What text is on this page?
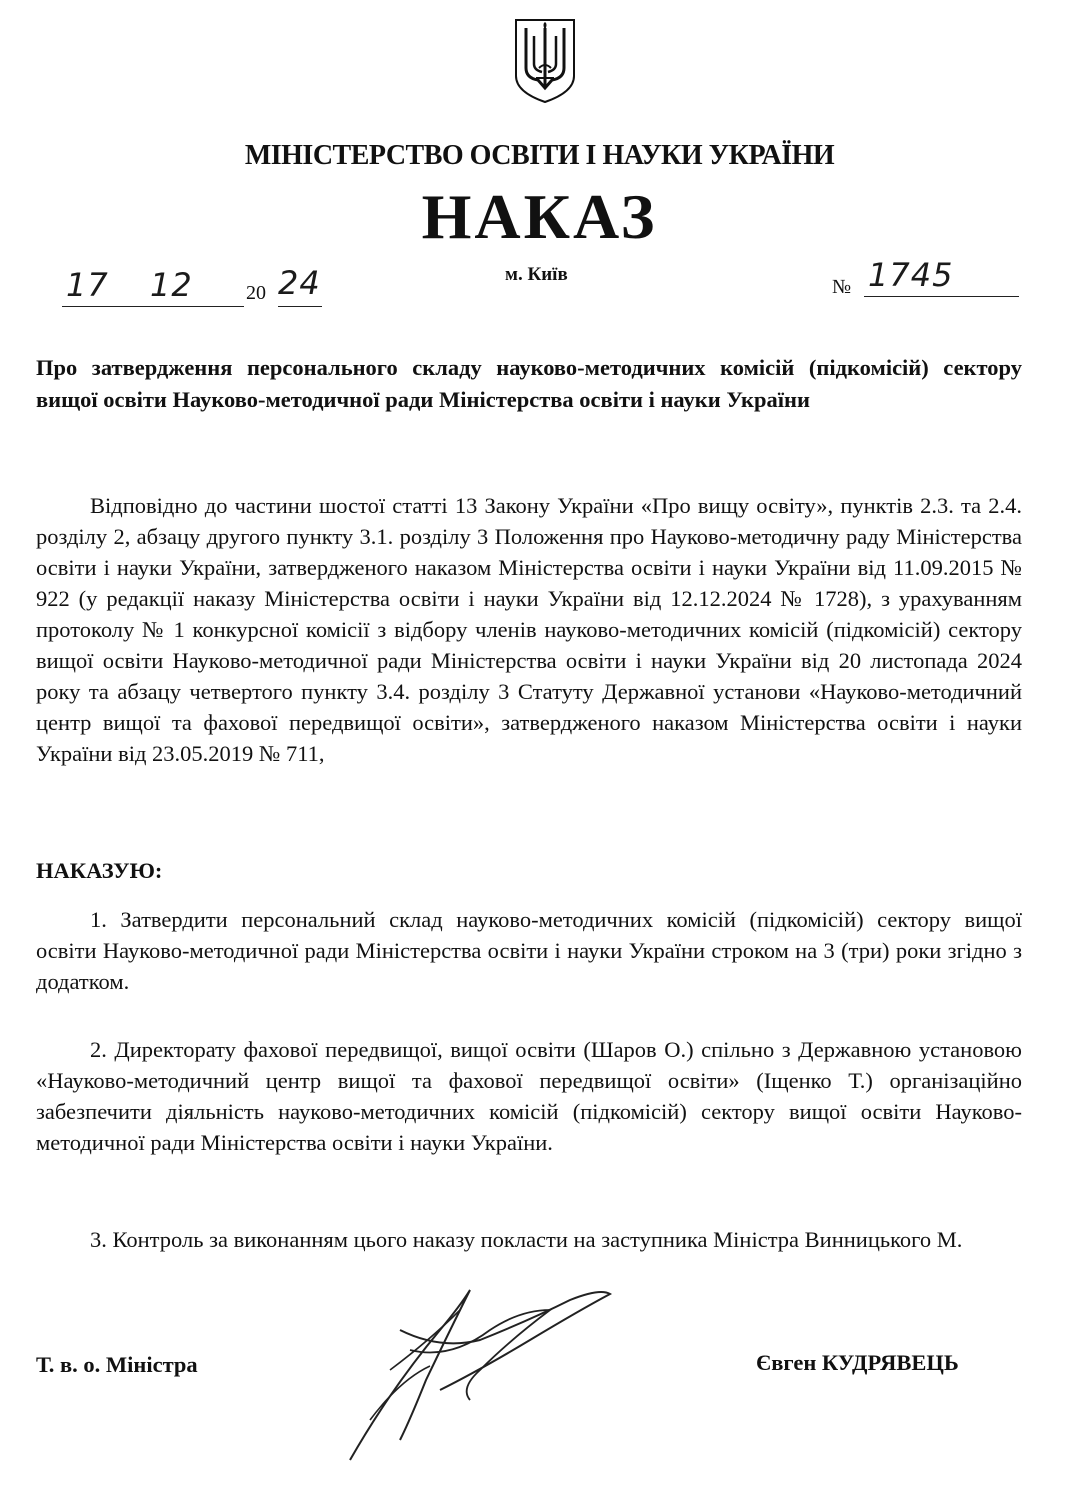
МІНІСТЕРСТВО ОСВІТИ І НАУКИ УКРАЇНИ
НАКАЗ
17 12	20 24	м. Київ
№ 1745
Про затвердження персонального складу науково-методичних комісій (підкомісій) сектору вищої освіти Науково-методичної ради Міністерства освіти і науки України
Відповідно до частини шостої статті 13 Закону України «Про вищу освіту», пунктів 2.3. та 2.4. розділу 2, абзацу другого пункту 3.1. розділу 3 Положення про Науково-методичну раду Міністерства освіти і науки України, затвердженого наказом Міністерства освіти і науки України від 11.09.2015 № 922 (у редакції наказу Міністерства освіти і науки України від 12.12.2024 № 1728), з урахуванням протоколу № 1 конкурсної комісії з відбору членів науково-методичних комісій (підкомісій) сектору вищої освіти Науково-методичної ради Міністерства освіти і науки України від 20 листопада 2024 року та абзацу четвертого пункту 3.4. розділу 3 Статуту Державної установи «Науково-методичний центр вищої та фахової передвищої освіти», затвердженого наказом Міністерства освіти і науки України від 23.05.2019 № 711,
НАКАЗУЮ:
1. Затвердити персональний склад науково-методичних комісій (підкомісій) сектору вищої освіти Науково-методичної ради Міністерства освіти і науки України строком на 3 (три) роки згідно з додатком.
2. Директорату фахової передвищої, вищої освіти (Шаров О.) спільно з Державною установою «Науково-методичний центр вищої та фахової передвищої освіти» (Іщенко Т.) організаційно забезпечити діяльність науково-методичних комісій (підкомісій) сектору вищої освіти Науково-методичної ради Міністерства освіти і науки України.
3. Контроль за виконанням цього наказу покласти на заступника Міністра Винницького М.
Т. в. о. Міністра	Євген КУДРЯВЕЦЬ
